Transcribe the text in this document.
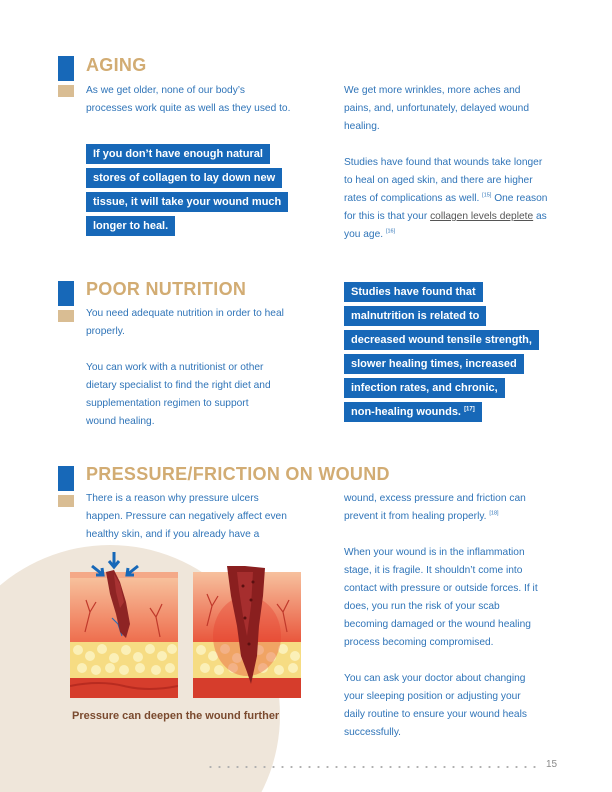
AGING
As we get older, none of our body’s
processes work quite as well as they used to.
If you don’t have enough natural
stores of collagen to lay down new
tissue, it will take your wound much
longer to heal.
We get more wrinkles, more aches and
pains, and, unfortunately, delayed wound
healing.
Studies have found that wounds take longer
to heal on aged skin, and there are higher
rates of complications as well. [15] One reason
for this is that your collagen levels deplete as
you age. [16]
POOR NUTRITION
You need adequate nutrition in order to heal
properly.
You can work with a nutritionist or other
dietary specialist to find the right diet and
supplementation regimen to support
wound healing.
Studies have found that
malnutrition is related to
decreased wound tensile strength,
slower healing times, increased
infection rates, and chronic,
non-healing wounds. [17]
PRESSURE/FRICTION ON WOUND
There is a reason why pressure ulcers
happen. Pressure can negatively affect even
healthy skin, and if you already have a
wound, excess pressure and friction can
prevent it from healing properly. [18]
When your wound is in the inflammation
stage, it is fragile. It shouldn’t come into
contact with pressure or outside forces. If it
does, you run the risk of your scab
becoming damaged or the wound healing
process becoming compromised.
You can ask your doctor about changing
your sleeping position or adjusting your
daily routine to ensure your wound heals
successfully.
Pressure can deepen the wound further
15
